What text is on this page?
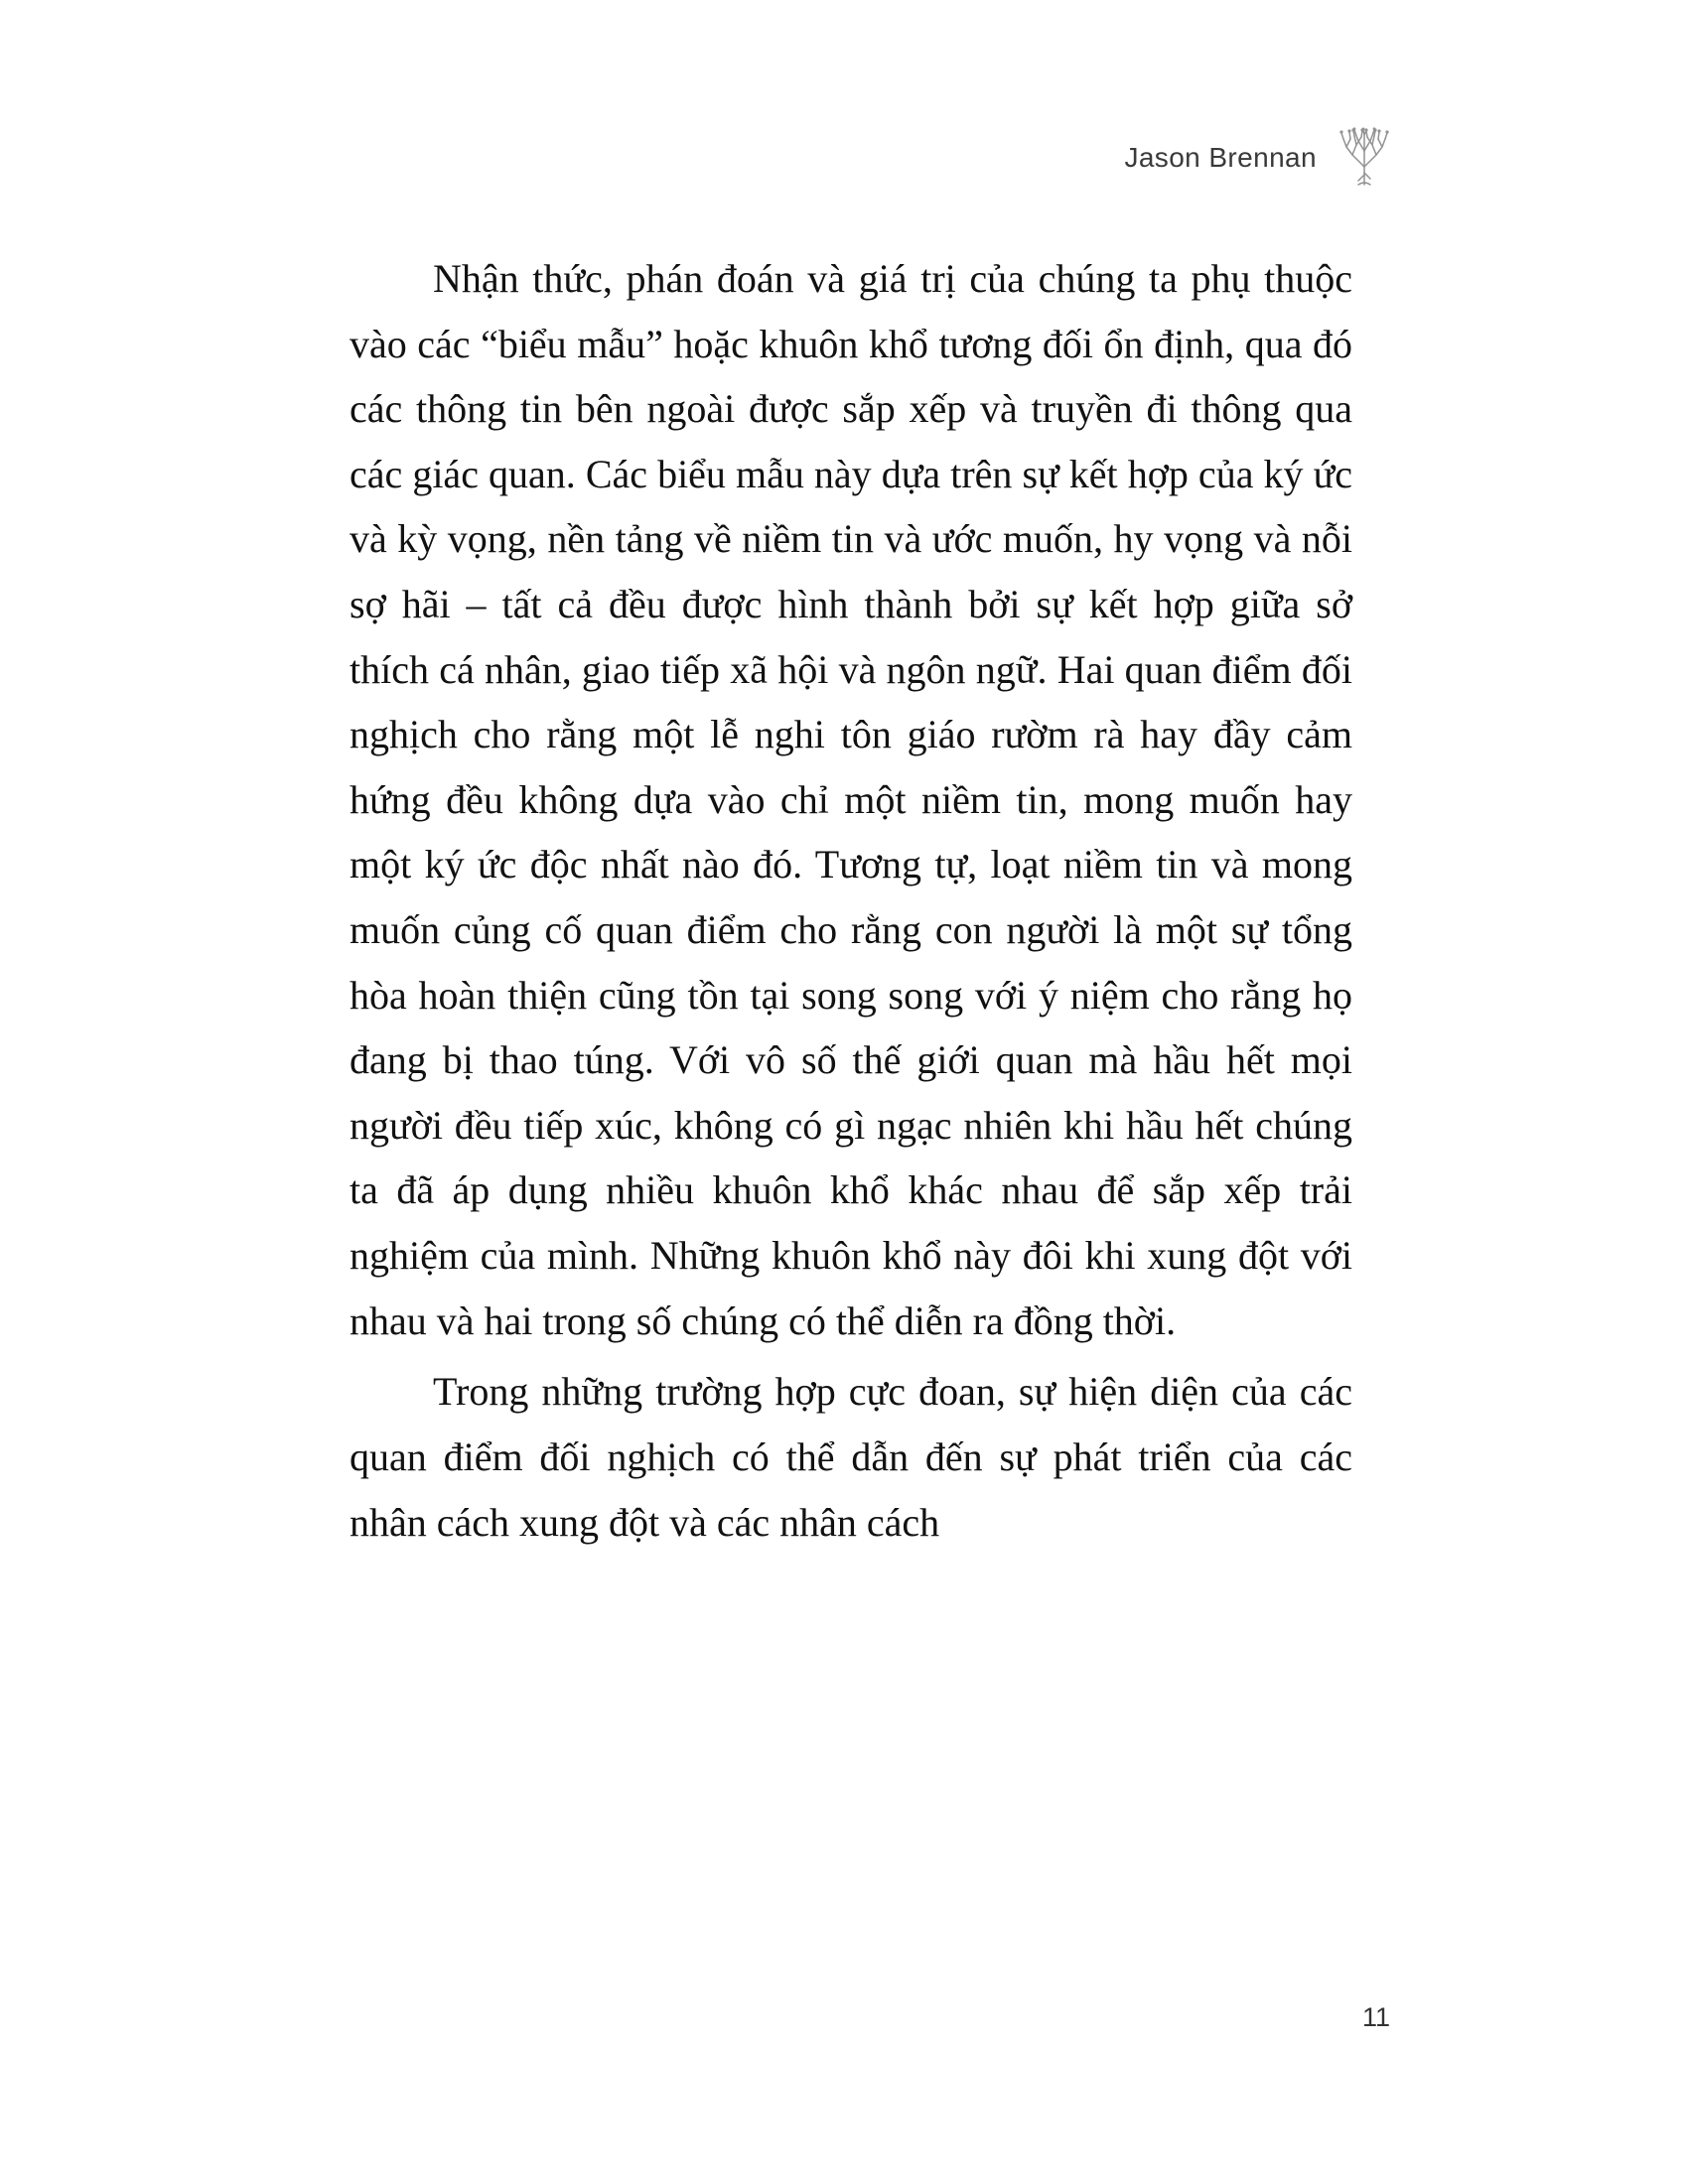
Jason Brennan

Nhận thức, phán đoán và giá trị của chúng ta phụ thuộc vào các “biểu mẫu” hoặc khuôn khổ tương đối ổn định, qua đó các thông tin bên ngoài được sắp xếp và truyền đi thông qua các giác quan. Các biểu mẫu này dựa trên sự kết hợp của ký ức và kỳ vọng, nền tảng về niềm tin và ước muốn, hy vọng và nỗi sợ hãi – tất cả đều được hình thành bởi sự kết hợp giữa sở thích cá nhân, giao tiếp xã hội và ngôn ngữ. Hai quan điểm đối nghịch cho rằng một lễ nghi tôn giáo rườm rà hay đầy cảm hứng đều không dựa vào chỉ một niềm tin, mong muốn hay một ký ức độc nhất nào đó. Tương tự, loạt niềm tin và mong muốn củng cố quan điểm cho rằng con người là một sự tổng hòa hoàn thiện cũng tồn tại song song với ý niệm cho rằng họ đang bị thao túng. Với vô số thế giới quan mà hầu hết mọi người đều tiếp xúc, không có gì ngạc nhiên khi hầu hết chúng ta đã áp dụng nhiều khuôn khổ khác nhau để sắp xếp trải nghiệm của mình. Những khuôn khổ này đôi khi xung đột với nhau và hai trong số chúng có thể diễn ra đồng thời.

Trong những trường hợp cực đoan, sự hiện diện của các quan điểm đối nghịch có thể dẫn đến sự phát triển của các nhân cách xung đột và các nhân cách

11
